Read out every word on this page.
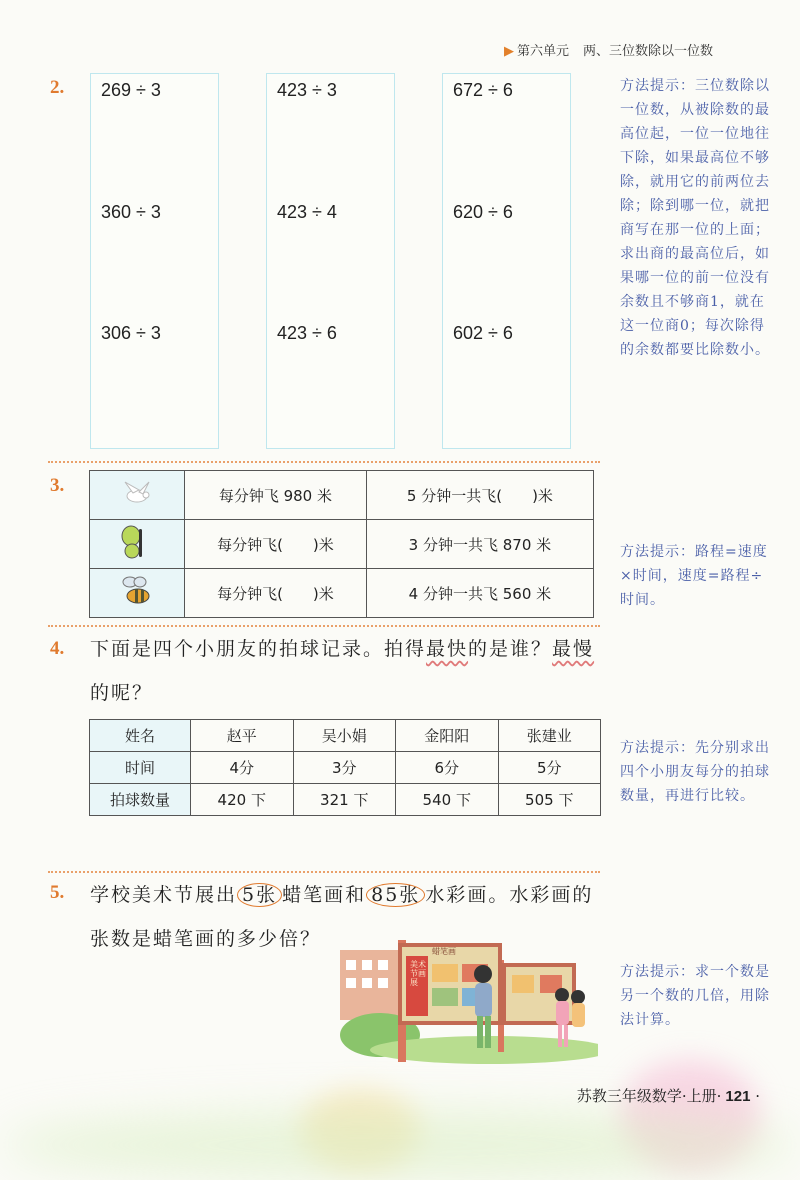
▶ 第六单元 两、三位数除以一位数
2. 269 ÷ 3
360 ÷ 3
306 ÷ 3
423 ÷ 3
423 ÷ 4
423 ÷ 6
672 ÷ 6
620 ÷ 6
602 ÷ 6
方法提示：三位数除以一位数，从被除数的最高位起，一位一位地往下除，如果最高位不够除，就用它的前两位去除；除到哪一位，就把商写在那一位的上面；求出商的最高位后，如果哪一位的前一位没有余数且不够商1，就在这一位商0；每次除得的余数都要比除数小。
3.
		每分钟飞 980 米	5 分钟一共飞(　　)米
	每分钟飞(　　)米	3 分钟一共飞 870 米
	每分钟飞(　　)米	4 分钟一共飞 560 米
方法提示：路程=速度×时间，速度=路程÷时间。
4. 下面是四个小朋友的拍球记录。拍得最快的是谁？最慢
的呢？
姓名	赵平	吴小娟	金阳阳	张建业
时间	4分	3分	6分	5分
拍球数量	420 下	321 下	540 下	505 下
方法提示：先分别求出四个小朋友每分的拍球数量，再进行比较。
5. 学校美术节展出 5张 蜡笔画和 85张 水彩画。水彩画的
张数是蜡笔画的多少倍？
蜡笔画
美术节画展
方法提示：求一个数是另一个数的几倍，用除法计算。
苏教三年级数学·上册· 121 ·
